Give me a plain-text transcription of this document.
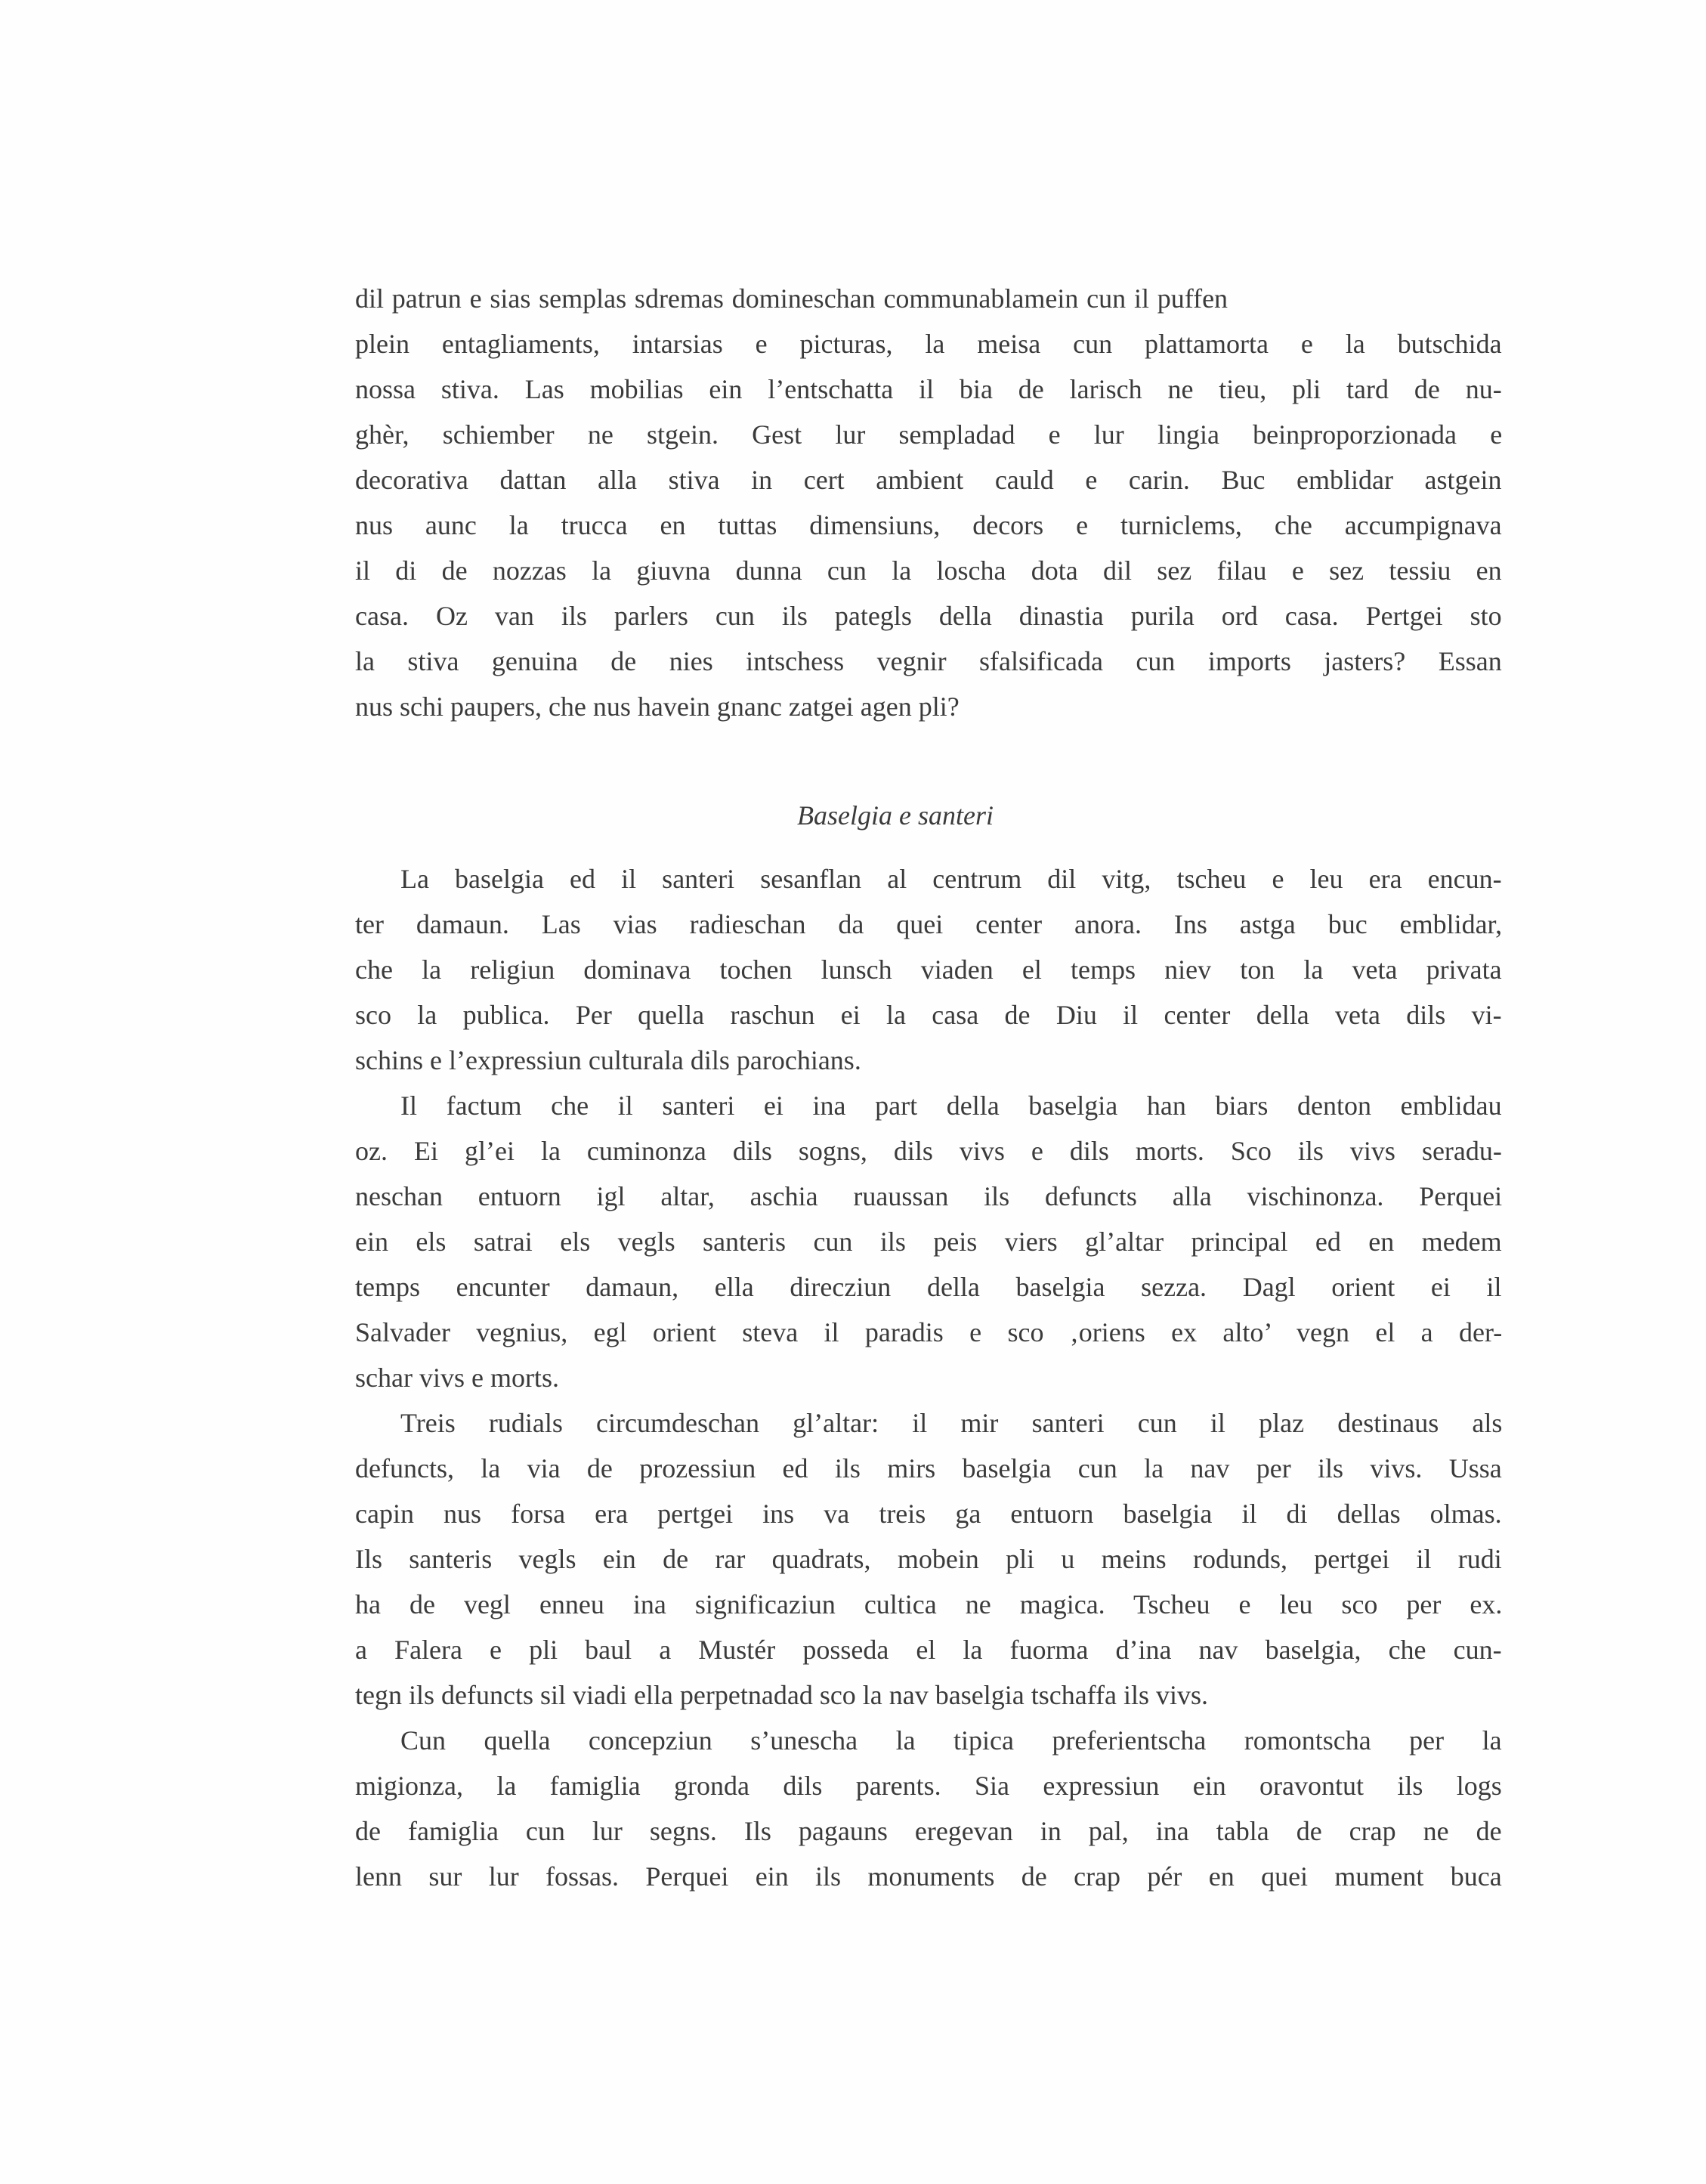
dil patrun e sias semplas sdremas domineschan communablamein cun il puffen
plein entagliaments, intarsias e picturas, la meisa cun plattamorta e la butschida
nossa stiva. Las mobilias ein l’entschatta il bia de larisch ne tieu, pli tard de nu-
ghèr, schiember ne stgein. Gest lur sempladad e lur lingia beinproporzionada e
decorativa dattan alla stiva in cert ambient cauld e carin. Buc emblidar astgein
nus aunc la trucca en tuttas dimensiuns, decors e turniclems, che accumpignava
il di de nozzas la giuvna dunna cun la loscha dota dil sez filau e sez tessiu en
casa. Oz van ils parlers cun ils pategls della dinastia purila ord casa. Pertgei sto
la stiva genuina de nies intschess vegnir sfalsificada cun imports jasters? Essan
nus schi paupers, che nus havein gnanc zatgei agen pli?
Baselgia e santeri
La baselgia ed il santeri sesanflan al centrum dil vitg, tscheu e leu era encun-
ter damaun. Las vias radieschan da quei center anora. Ins astga buc emblidar,
che la religiun dominava tochen lunsch viaden el temps niev ton la veta privata
sco la publica. Per quella raschun ei la casa de Diu il center della veta dils vi-
schins e l’expressiun culturala dils parochians.
Il factum che il santeri ei ina part della baselgia han biars denton emblidau
oz. Ei gl’ei la cuminonza dils sogns, dils vivs e dils morts. Sco ils vivs seradu-
neschan entuorn igl altar, aschia ruaussan ils defuncts alla vischinonza. Perquei
ein els satrai els vegls santeris cun ils peis viers gl’altar principal ed en medem
temps encunter damaun, ella direcziun della baselgia sezza. Dagl orient ei il
Salvader vegnius, egl orient steva il paradis e sco ‚oriens ex alto’ vegn el a der-
schar vivs e morts.
Treis rudials circumdeschan gl’altar: il mir santeri cun il plaz destinaus als
defuncts, la via de prozessiun ed ils mirs baselgia cun la nav per ils vivs. Ussa
capin nus forsa era pertgei ins va treis ga entuorn baselgia il di dellas olmas.
Ils santeris vegls ein de rar quadrats, mobein pli u meins rodunds, pertgei il rudi
ha de vegl enneu ina significaziun cultica ne magica. Tscheu e leu sco per ex.
a Falera e pli baul a Mustér posseda el la fuorma d’ina nav baselgia, che cun-
tegn ils defuncts sil viadi ella perpetnadad sco la nav baselgia tschaffa ils vivs.
Cun quella concepziun s’unescha la tipica preferientscha romontscha per la
migionza, la famiglia gronda dils parents. Sia expressiun ein oravontut ils logs
de famiglia cun lur segns. Ils pagauns eregevan in pal, ina tabla de crap ne de
lenn sur lur fossas. Perquei ein ils monuments de crap pér en quei mument buca
